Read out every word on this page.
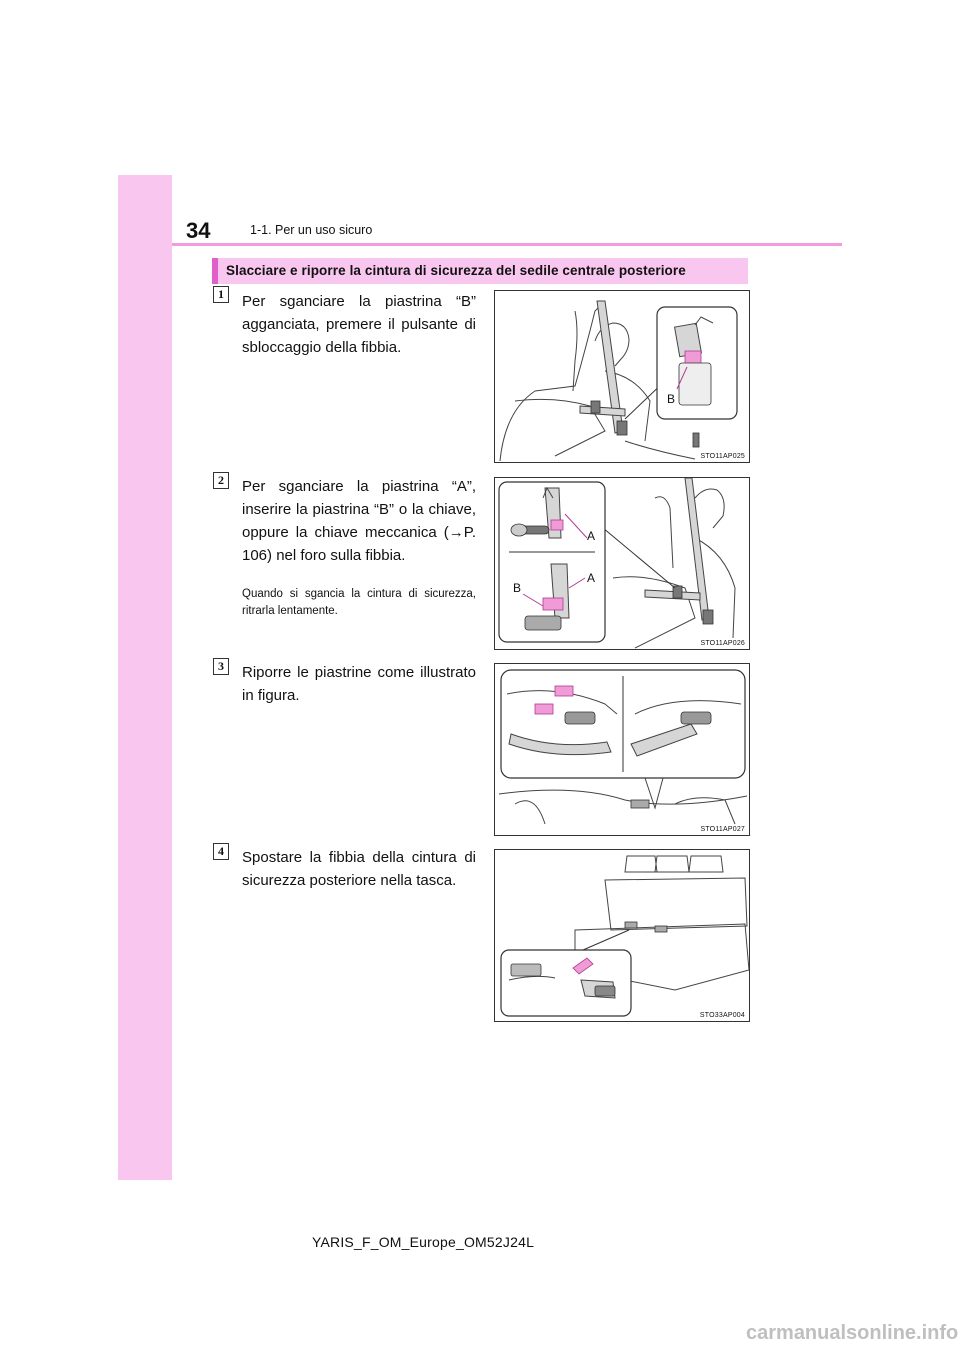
34	1-1. Per un uso sicuro
Slacciare e riporre la cintura di sicurezza del sedile centrale posteriore
1	Per sganciare la piastrina “B” agganciata, premere il pulsante di sbloccaggio della fibbia.
B
STO11AP025
2	Per sganciare la piastrina “A”, inserire la piastrina “B” o la chiave, oppure la chiave meccanica (→P. 106) nel foro sulla fibbia.
Quando si sgancia la cintura di sicurezza, ritrarla lentamente.
A
B
A
STO11AP026
3	Riporre le piastrine come illustrato in figura.
STO11AP027
4	Spostare la fibbia della cintura di sicurezza posteriore nella tasca.
STO33AP004
YARIS_F_OM_Europe_OM52J24L
carmanualsonline.info
